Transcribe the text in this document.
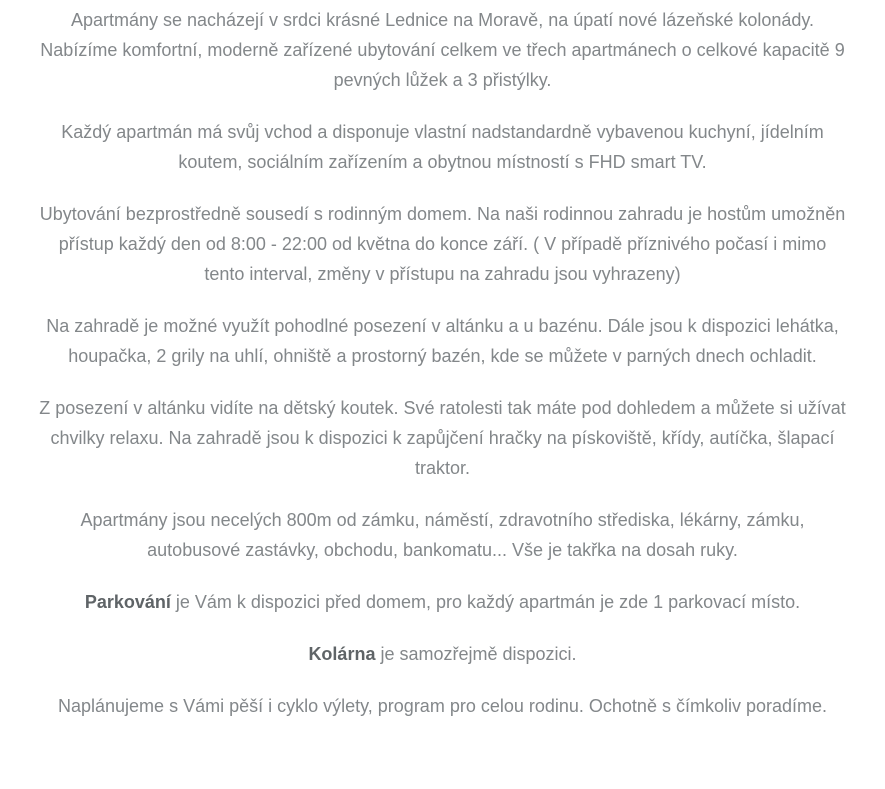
Apartmány se nacházejí v srdci krásné Lednice na Moravě, na úpatí nové lázeňské kolonády. Nabízíme komfortní, moderně zařízené ubytování celkem ve třech apartmánech o celkové kapacitě 9 pevných lůžek a 3 přistýlky.

Každý apartmán má svůj vchod a disponuje vlastní nadstandardně vybavenou kuchyní, jídelním koutem, sociálním zařízením a obytnou místností s FHD smart TV.

Ubytování bezprostředně sousedí s rodinným domem. Na naši rodinnou zahradu je hostům umožněn přístup každý den od 8:00 - 22:00 od května do konce září. ( V případě příznivého počasí i mimo tento interval, změny v přístupu na zahradu jsou vyhrazeny)

Na zahradě je možné využít pohodlné posezení v altánku a u bazénu. Dále jsou k dispozici lehátka, houpačka, 2 grily na uhlí, ohniště a prostorný bazén, kde se můžete v parných dnech ochladit.

Z posezení v altánku vidíte na dětský koutek. Své ratolesti tak máte pod dohledem a můžete si užívat chvilky relaxu. Na zahradě jsou k dispozici k zapůjčení hračky na pískoviště, křídy, autíčka, šlapací traktor.

Apartmány jsou necelých 800m od zámku, náměstí, zdravotního střediska, lékárny, zámku, autobusové zastávky, obchodu, bankomatu... Vše je takřka na dosah ruky.

Parkování je Vám k dispozici před domem, pro každý apartmán je zde 1 parkovací místo.

Kolárna je samozřejmě dispozici.

Naplánujeme s Vámi pěší i cyklo výlety, program pro celou rodinu. Ochotně s čímkoliv poradíme.
